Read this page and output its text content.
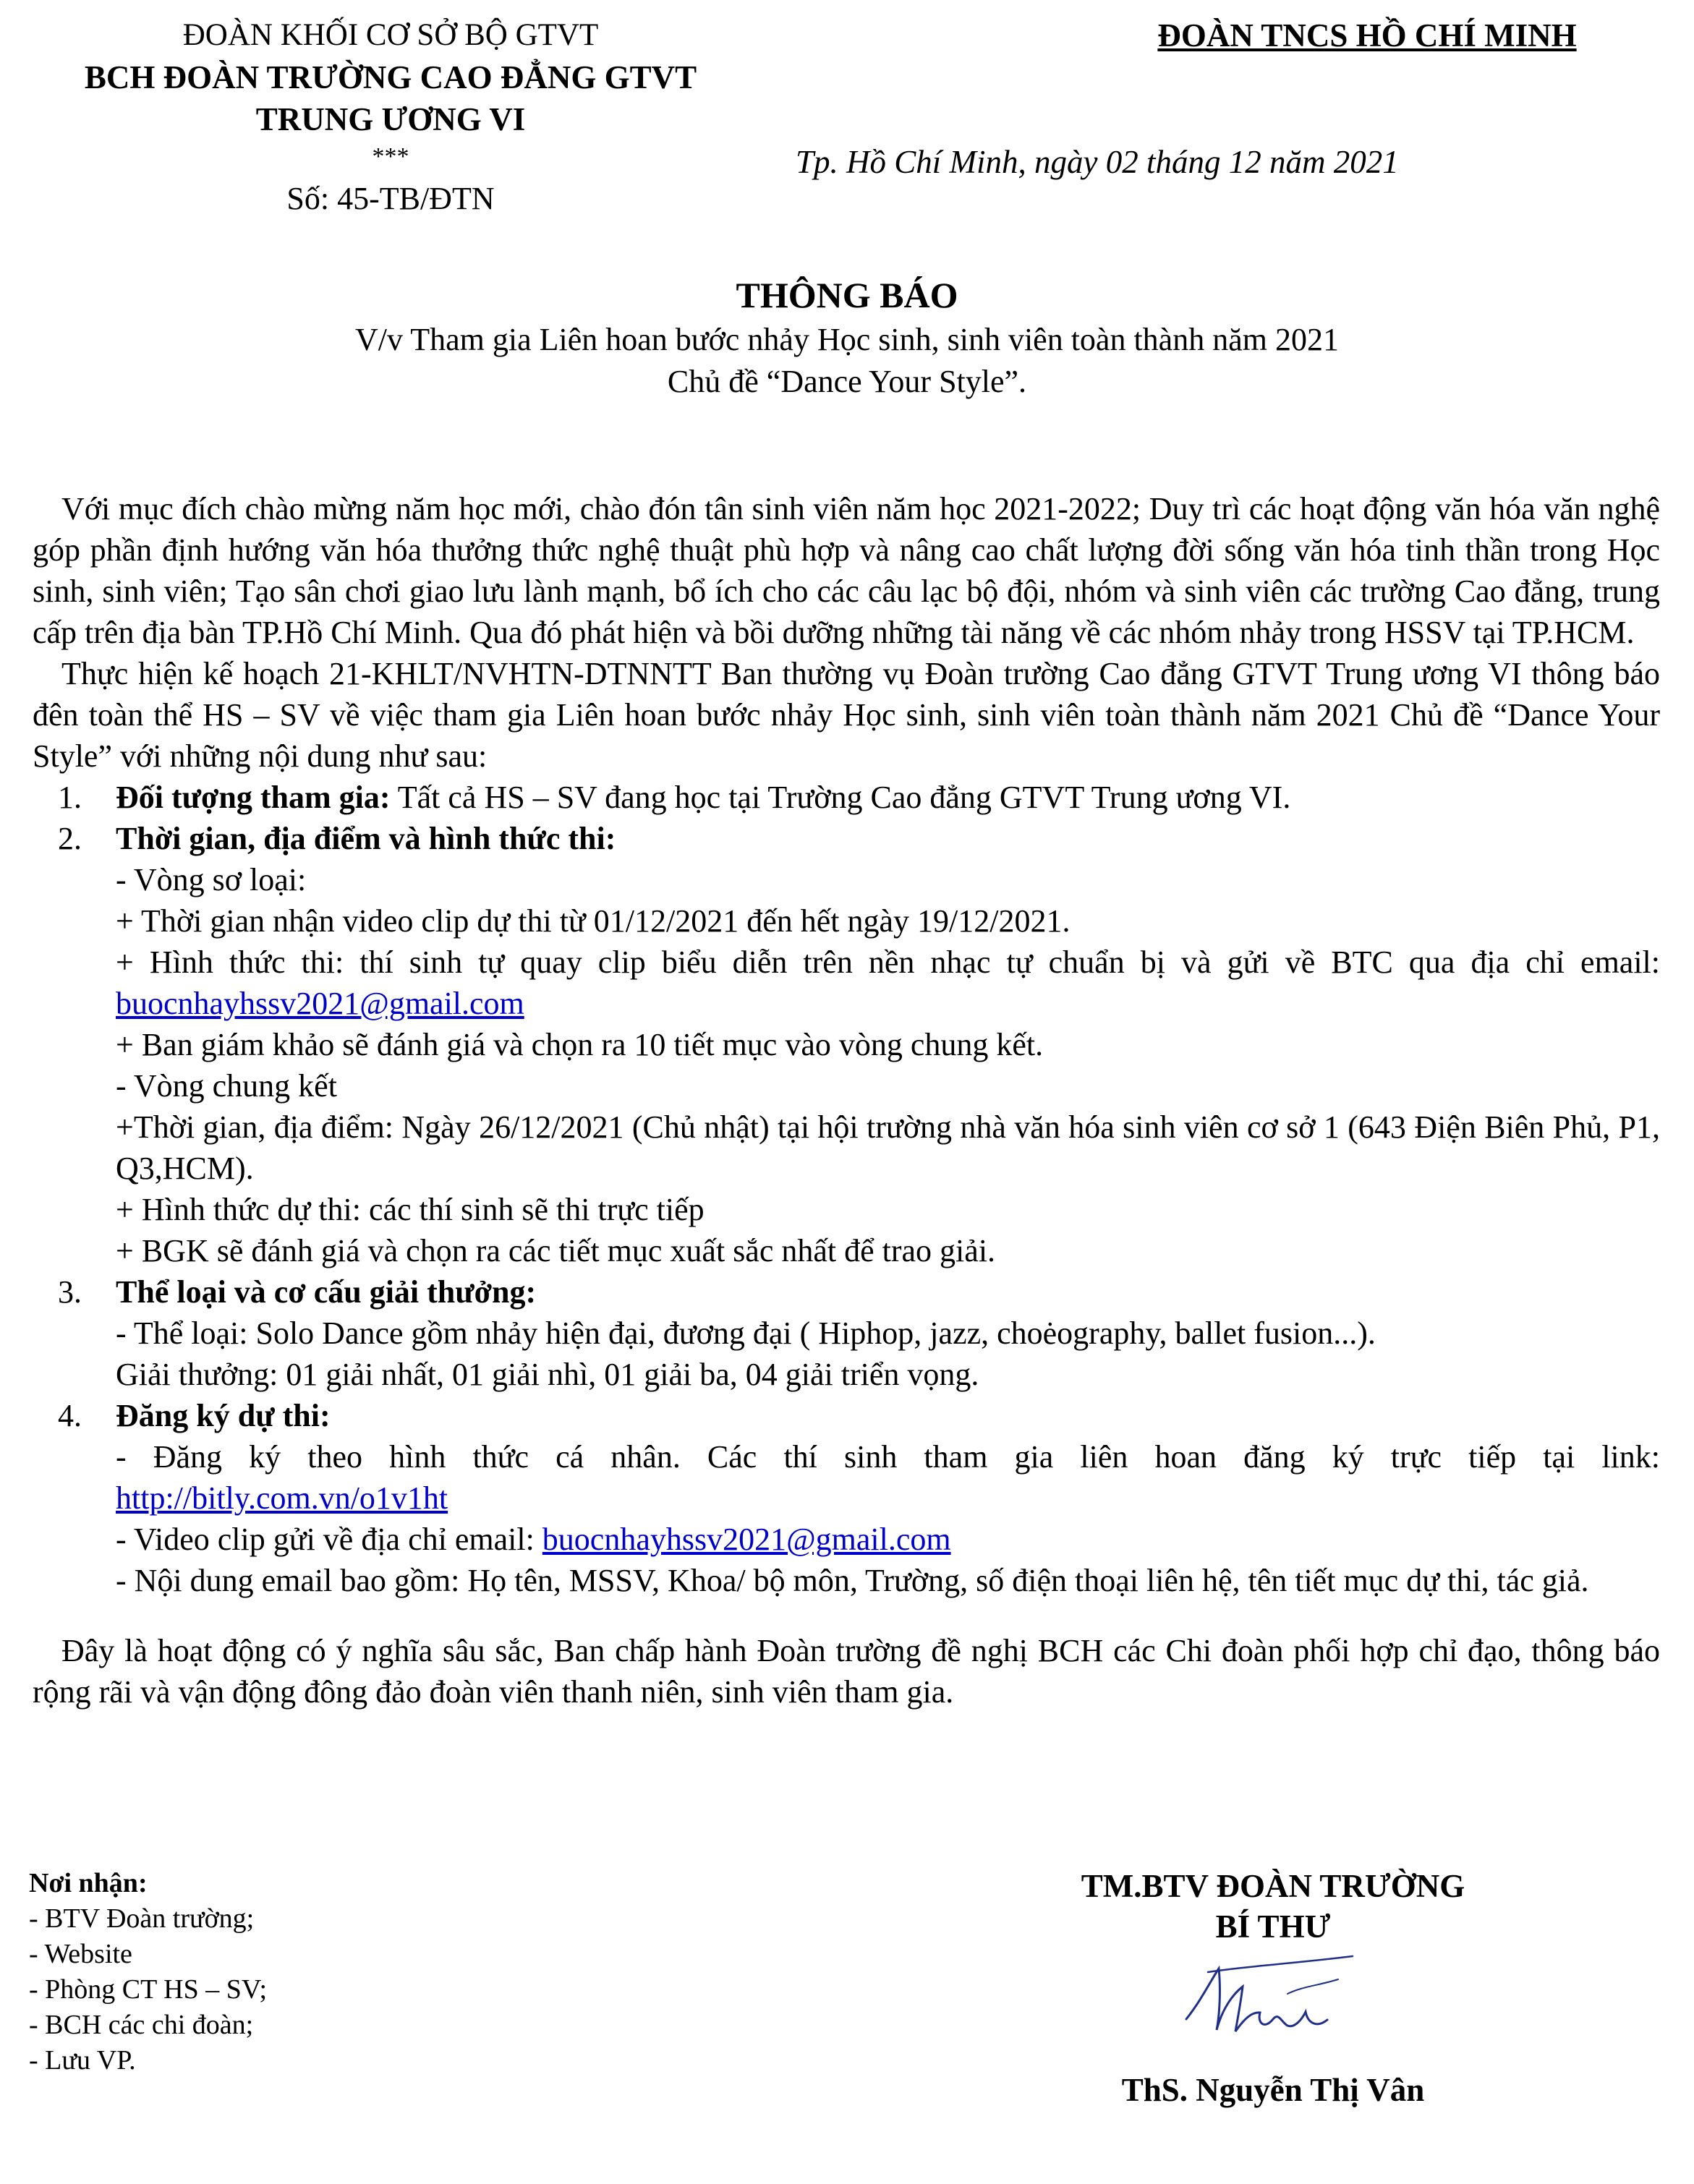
ĐOÀN KHỐI CƠ SỞ BỘ GTVT
BCH ĐOÀN TRƯỜNG CAO ĐẲNG GTVT
TRUNG ƯƠNG VI
***
Số: 45-TB/ĐTN
ĐOÀN TNCS HỒ CHÍ MINH
Tp. Hồ Chí Minh, ngày 02 tháng 12 năm 2021
THÔNG BÁO
V/v Tham gia Liên hoan bước nhảy Học sinh, sinh viên toàn thành năm 2021
Chủ đề “Dance Your Style”.

Với mục đích chào mừng năm học mới, chào đón tân sinh viên năm học 2021-2022; Duy trì các hoạt động văn hóa văn nghệ góp phần định hướng văn hóa thưởng thức nghệ thuật phù hợp và nâng cao chất lượng đời sống văn hóa tinh thần trong Học sinh, sinh viên; Tạo sân chơi giao lưu lành mạnh, bổ ích cho các câu lạc bộ đội, nhóm và sinh viên các trường Cao đẳng, trung cấp trên địa bàn TP.Hồ Chí Minh. Qua đó phát hiện và bồi dưỡng những tài năng về các nhóm nhảy trong HSSV tại TP.HCM.

Thực hiện kế hoạch 21-KHLT/NVHTN-DTNNTT Ban thường vụ Đoàn trường Cao đẳng GTVT Trung ương VI thông báo đên toàn thể HS – SV về việc tham gia Liên hoan bước nhảy Học sinh, sinh viên toàn thành năm 2021 Chủ đề “Dance Your Style” với những nội dung như sau:

1.	Đối tượng tham gia: Tất cả HS – SV đang học tại Trường Cao đẳng GTVT Trung ương VI.
2.	Thời gian, địa điểm và hình thức thi:

- Vòng sơ loại:

+ Thời gian nhận video clip dự thi từ 01/12/2021 đến hết ngày 19/12/2021.

+ Hình thức thi: thí sinh tự quay clip biểu diễn trên nền nhạc tự chuẩn bị và gửi về BTC qua địa chỉ email:

buocnhayhssv2021@gmail.com

+ Ban giám khảo sẽ đánh giá và chọn ra 10 tiết mục vào vòng chung kết.

- Vòng chung kết

+Thời gian, địa điểm: Ngày 26/12/2021 (Chủ nhật) tại hội trường nhà văn hóa sinh viên cơ sở 1 (643 Điện Biên Phủ, P1, Q3,HCM).

+ Hình thức dự thi: các thí sinh sẽ thi trực tiếp

+ BGK sẽ đánh giá và chọn ra các tiết mục xuất sắc nhất để trao giải.

3.	Thể loại và cơ cấu giải thưởng:

- Thể loại: Solo Dance gồm nhảy hiện đại, đương đại ( Hiphop, jazz, choėography, ballet fusion...).

Giải thưởng: 01 giải nhất, 01 giải nhì, 01 giải ba, 04 giải triển vọng.

4.	Đăng ký dự thi:

- Đăng ký theo hình thức cá nhân. Các thí sinh tham gia liên hoan đăng ký trực tiếp tại link:

http://bitly.com.vn/o1v1ht

- Video clip gửi về địa chỉ email: buocnhayhssv2021@gmail.com

- Nội dung email bao gồm: Họ tên, MSSV, Khoa/ bộ môn, Trường, số điện thoại liên hệ, tên tiết mục dự thi, tác giả.

Đây là hoạt động có ý nghĩa sâu sắc, Ban chấp hành Đoàn trường đề nghị BCH các Chi đoàn phối hợp chỉ đạo, thông báo rộng rãi và vận động đông đảo đoàn viên thanh niên, sinh viên tham gia.

Nơi nhận:
- BTV Đoàn trường;
- Website
- Phòng CT HS – SV;
- BCH các chi đoàn;
- Lưu VP.
TM.BTV ĐOÀN TRƯỜNG
BÍ THƯ
ThS. Nguyễn Thị Vân
